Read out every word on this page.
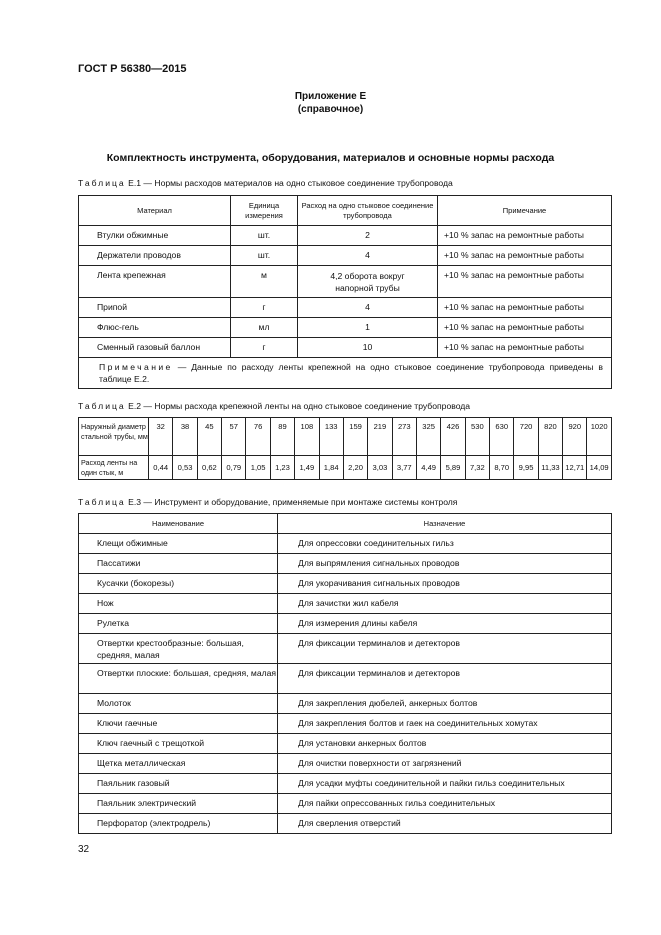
ГОСТ Р 56380—2015
Приложение Е
(справочное)
Комплектность инструмента, оборудования, материалов и основные нормы расхода
Таблица Е.1 — Нормы расходов материалов на одно стыковое соединение трубопровода
Материал	Единица измерения	Расход на одно стыковое соединение трубопровода	Примечание
Втулки обжимные	шт.	2	+10 % запас на ремонтные работы
Держатели проводов	шт.	4	+10 % запас на ремонтные работы
Лента крепежная	м	4,2 оборота вокруг напорной трубы	+10 % запас на ремонтные работы
Припой	г	4	+10 % запас на ремонтные работы
Флюс-гель	мл	1	+10 % запас на ремонтные работы
Сменный газовый баллон	г	10	+10 % запас на ремонтные работы
Примечание — Данные по расходу ленты крепежной на одно стыковое соединение трубопровода приведены в таблице Е.2.			
Таблица Е.2 — Нормы расхода крепежной ленты на одно стыковое соединение трубопровода
Наружный диаметр стальной трубы, мм	32	38	45	57	76	89	108	133	159	219	273	325	426	530	630	720	820	920	1020
Расход ленты на один стык, м	0,44	0,53	0,62	0,79	1,05	1,23	1,49	1,84	2,20	3,03	3,77	4,49	5,89	7,32	8,70	9,95	11,33	12,71	14,09
Таблица Е.3 — Инструмент и оборудование, применяемые при монтаже системы контроля
Наименование	Назначение
Клещи обжимные	Для опрессовки соединительных гильз
Пассатижи	Для выпрямления сигнальных проводов
Кусачки (бокорезы)	Для укорачивания сигнальных проводов
Нож	Для зачистки жил кабеля
Рулетка	Для измерения длины кабеля
Отвертки крестообразные: большая, средняя, малая	Для фиксации терминалов и детекторов
Отвертки плоские: большая, средняя, малая	Для фиксации терминалов и детекторов
Молоток	Для закрепления дюбелей, анкерных болтов
Ключи гаечные	Для закрепления болтов и гаек на соединительных хомутах
Ключ гаечный с трещоткой	Для установки анкерных болтов
Щетка металлическая	Для очистки поверхности от загрязнений
Паяльник газовый	Для усадки муфты соединительной и пайки гильз соединительных
Паяльник электрический	Для пайки опрессованных гильз соединительных
Перфоратор (электродрель)	Для сверления отверстий
32
